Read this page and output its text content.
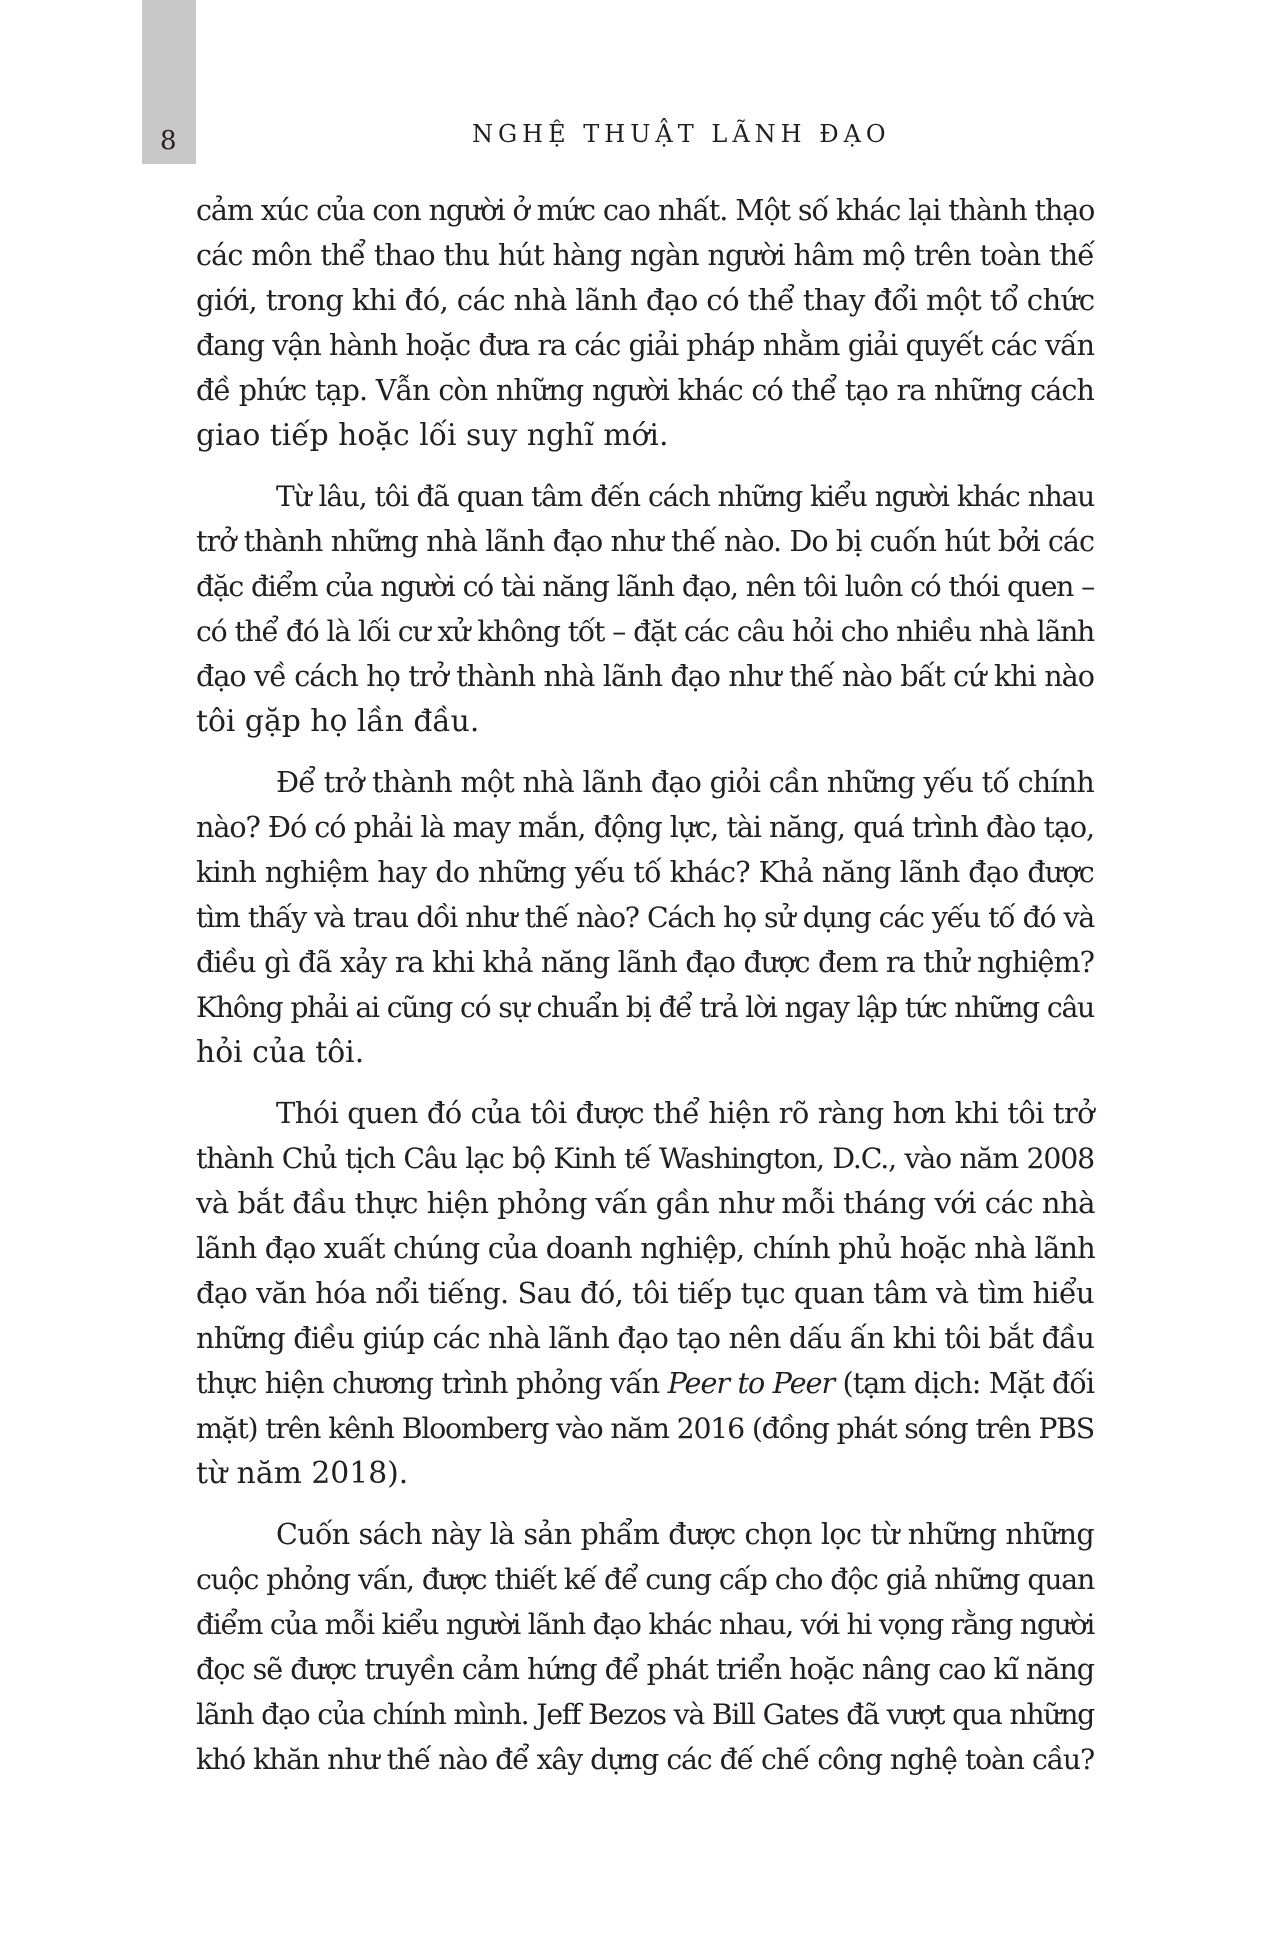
8	NGHỆ THUẬT LÃNH ĐẠO
cảm xúc của con người ở mức cao nhất. Một số khác lại thành thạo
các môn thể thao thu hút hàng ngàn người hâm mộ trên toàn thế
giới, trong khi đó, các nhà lãnh đạo có thể thay đổi một tổ chức
đang vận hành hoặc đưa ra các giải pháp nhằm giải quyết các vấn
đề phức tạp. Vẫn còn những người khác có thể tạo ra những cách
giao tiếp hoặc lối suy nghĩ mới.
Từ lâu, tôi đã quan tâm đến cách những kiểu người khác nhau
trở thành những nhà lãnh đạo như thế nào. Do bị cuốn hút bởi các
đặc điểm của người có tài năng lãnh đạo, nên tôi luôn có thói quen –
có thể đó là lối cư xử không tốt – đặt các câu hỏi cho nhiều nhà lãnh
đạo về cách họ trở thành nhà lãnh đạo như thế nào bất cứ khi nào
tôi gặp họ lần đầu.
Để trở thành một nhà lãnh đạo giỏi cần những yếu tố chính
nào? Đó có phải là may mắn, động lực, tài năng, quá trình đào tạo,
kinh nghiệm hay do những yếu tố khác? Khả năng lãnh đạo được
tìm thấy và trau dồi như thế nào? Cách họ sử dụng các yếu tố đó và
điều gì đã xảy ra khi khả năng lãnh đạo được đem ra thử nghiệm?
Không phải ai cũng có sự chuẩn bị để trả lời ngay lập tức những câu
hỏi của tôi.
Thói quen đó của tôi được thể hiện rõ ràng hơn khi tôi trở
thành Chủ tịch Câu lạc bộ Kinh tế Washington, D.C., vào năm 2008
và bắt đầu thực hiện phỏng vấn gần như mỗi tháng với các nhà
lãnh đạo xuất chúng của doanh nghiệp, chính phủ hoặc nhà lãnh
đạo văn hóa nổi tiếng. Sau đó, tôi tiếp tục quan tâm và tìm hiểu
những điều giúp các nhà lãnh đạo tạo nên dấu ấn khi tôi bắt đầu
thực hiện chương trình phỏng vấn Peer to Peer (tạm dịch: Mặt đối
mặt) trên kênh Bloomberg vào năm 2016 (đồng phát sóng trên PBS
từ năm 2018).
Cuốn sách này là sản phẩm được chọn lọc từ những những
cuộc phỏng vấn, được thiết kế để cung cấp cho độc giả những quan
điểm của mỗi kiểu người lãnh đạo khác nhau, với hi vọng rằng người
đọc sẽ được truyền cảm hứng để phát triển hoặc nâng cao kĩ năng
lãnh đạo của chính mình. Jeff Bezos và Bill Gates đã vượt qua những
khó khăn như thế nào để xây dựng các đế chế công nghệ toàn cầu?
